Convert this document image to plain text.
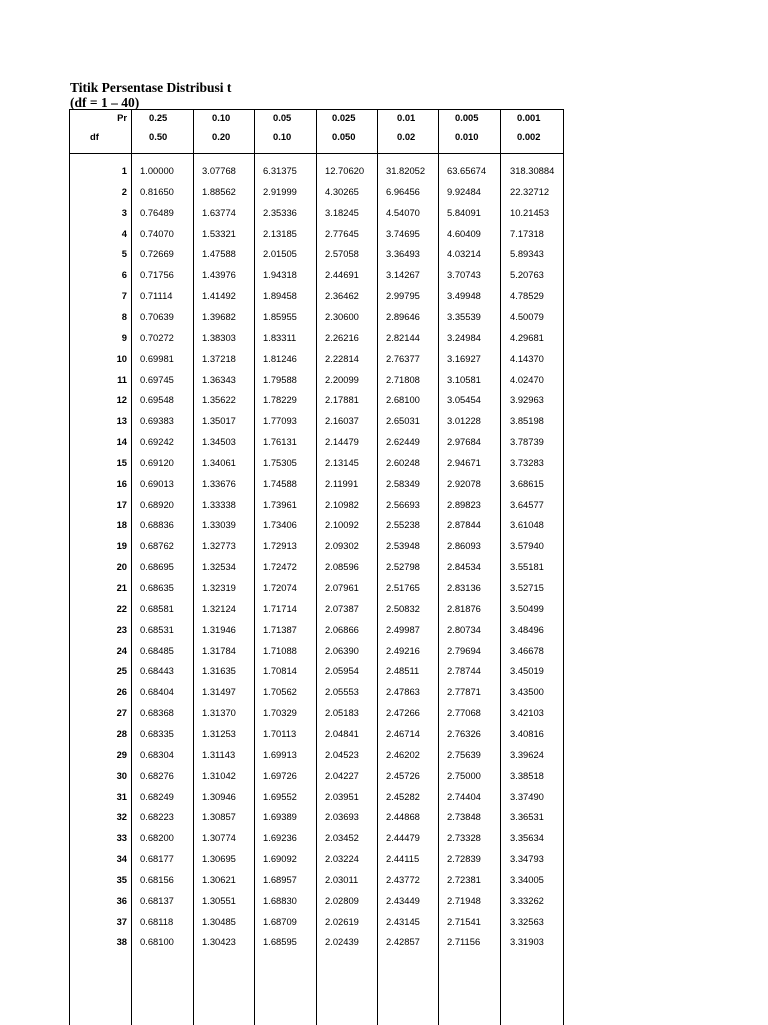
Titik Persentase Distribusi t
(df = 1 – 40)
Pr 0.25	0.10	0.05	0.025	0.01	0.005	0.001
df	0.50	0.20	0.10	0.050	0.02	0.010	0.002
1 1.00000	3.07768	6.31375	12.70620 31.82052 63.65674	318.30884
2 0.81650	1.88562	2.91999	4.30265	6.96456	9.92484	22.32712
3 0.76489	1.63774	2.35336	3.18245	4.54070	5.84091	10.21453
4 0.74070	1.53321	2.13185	2.77645	3.74695	4.60409	7.17318
5 0.72669	1.47588	2.01505	2.57058	3.36493	4.03214	5.89343
6 0.71756	1.43976	1.94318	2.44691	3.14267	3.70743	5.20763
7 0.71114	1.41492	1.89458	2.36462	2.99795	3.49948	4.78529
8 0.70639	1.39682	1.85955	2.30600	2.89646	3.35539	4.50079
9 0.70272	1.38303	1.83311	2.26216	2.82144	3.24984	4.29681
10 0.69981	1.37218	1.81246	2.22814	2.76377	3.16927	4.14370
11 0.69745	1.36343	1.79588	2.20099	2.71808	3.10581	4.02470
12 0.69548	1.35622	1.78229	2.17881	2.68100	3.05454	3.92963
13 0.69383	1.35017	1.77093	2.16037	2.65031	3.01228	3.85198
14 0.69242	1.34503	1.76131	2.14479	2.62449	2.97684	3.78739
15 0.69120	1.34061	1.75305	2.13145	2.60248	2.94671	3.73283
16 0.69013	1.33676	1.74588	2.11991	2.58349	2.92078	3.68615
17 0.68920	1.33338	1.73961	2.10982	2.56693	2.89823	3.64577
18 0.68836	1.33039	1.73406	2.10092	2.55238	2.87844	3.61048
19 0.68762	1.32773	1.72913	2.09302	2.53948	2.86093	3.57940
20 0.68695	1.32534	1.72472	2.08596	2.52798	2.84534	3.55181
21 0.68635	1.32319	1.72074	2.07961	2.51765	2.83136	3.52715
22 0.68581	1.32124	1.71714	2.07387	2.50832	2.81876	3.50499
23 0.68531	1.31946	1.71387	2.06866	2.49987	2.80734	3.48496
24 0.68485	1.31784	1.71088	2.06390	2.49216	2.79694	3.46678
25 0.68443	1.31635	1.70814	2.05954	2.48511	2.78744	3.45019
26 0.68404	1.31497	1.70562	2.05553	2.47863	2.77871	3.43500
27 0.68368	1.31370	1.70329	2.05183	2.47266	2.77068	3.42103
28 0.68335	1.31253	1.70113	2.04841	2.46714	2.76326	3.40816
29 0.68304	1.31143	1.69913	2.04523	2.46202	2.75639	3.39624
30 0.68276	1.31042	1.69726	2.04227	2.45726	2.75000	3.38518
31 0.68249	1.30946	1.69552	2.03951	2.45282	2.74404	3.37490
32 0.68223	1.30857	1.69389	2.03693	2.44868	2.73848	3.36531
33 0.68200	1.30774	1.69236	2.03452	2.44479	2.73328	3.35634
34 0.68177	1.30695	1.69092	2.03224	2.44115	2.72839	3.34793
35 0.68156	1.30621	1.68957	2.03011	2.43772	2.72381	3.34005
36 0.68137	1.30551	1.68830	2.02809	2.43449	2.71948	3.33262
37 0.68118	1.30485	1.68709	2.02619	2.43145	2.71541	3.32563
38 0.68100	1.30423	1.68595	2.02439	2.42857	2.71156	3.31903
